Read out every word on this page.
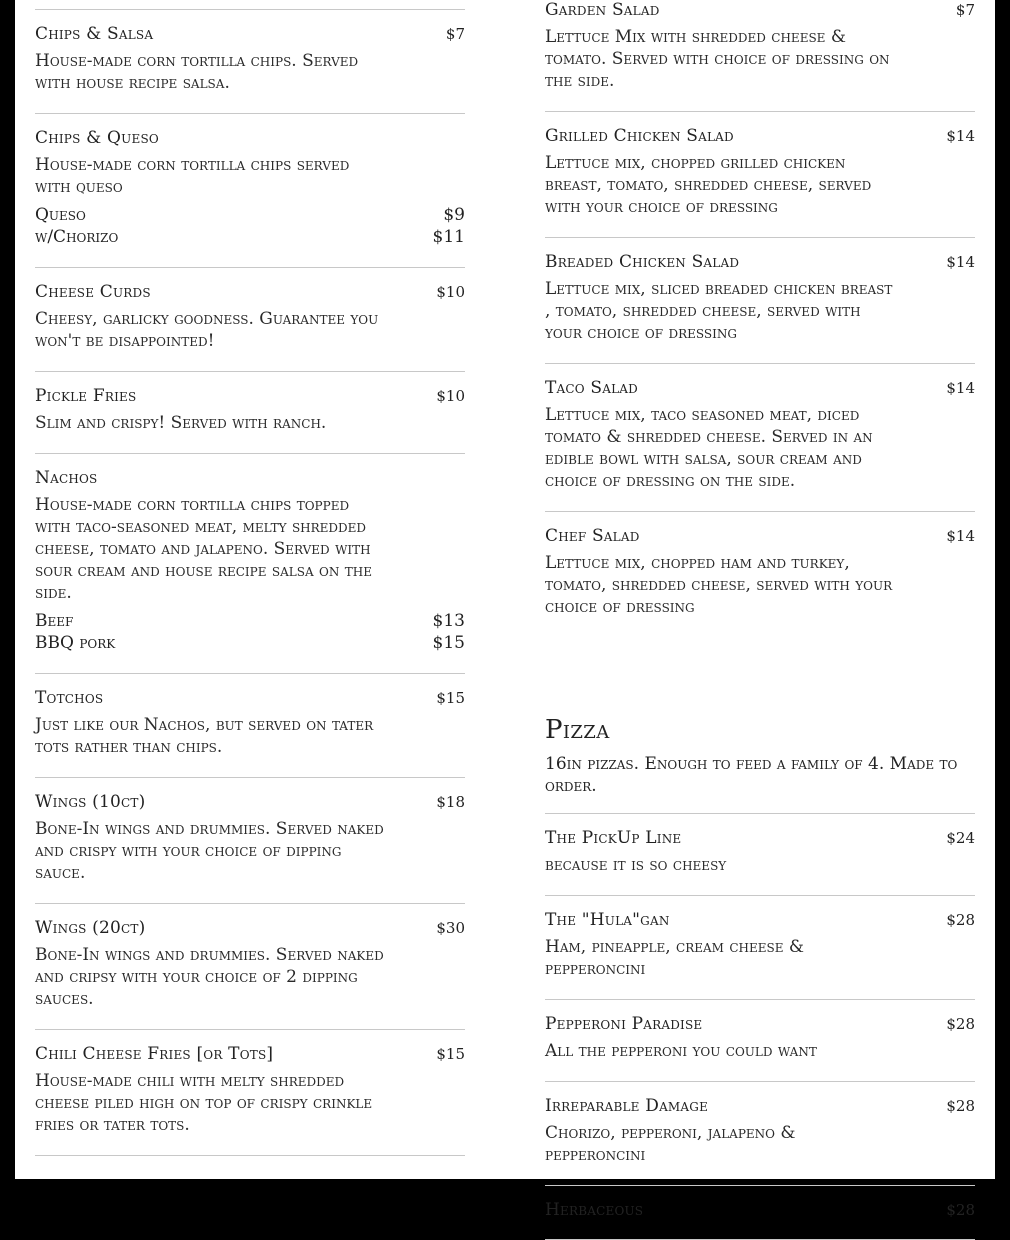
Chips & Salsa	$7
House-made corn tortilla chips. Served with house recipe salsa.
Chips & Queso
House-made corn tortilla chips served with queso
Queso	$9
w/Chorizo	$11
Cheese Curds	$10
Cheesy, garlicky goodness. Guarantee you won't be disappointed!
Pickle Fries	$10
Slim and crispy! Served with ranch.
Nachos
House-made corn tortilla chips topped with taco-seasoned meat, melty shredded cheese, tomato and jalapeno. Served with sour cream and house recipe salsa on the side.
Beef	$13
BBQ pork	$15
Totchos	$15
Just like our Nachos, but served on tater tots rather than chips.
Wings (10ct)	$18
Bone-In wings and drummies. Served naked and crispy with your choice of dipping sauce.
Wings (20ct)	$30
Bone-In wings and drummies. Served naked and cripsy with your choice of 2 dipping sauces.
Chili Cheese Fries [or Tots]	$15
House-made chili with melty shredded cheese piled high on top of crispy crinkle fries or tater tots.
Garden Salad	$7
Lettuce Mix with shredded cheese & tomato. Served with choice of dressing on the side.
Grilled Chicken Salad	$14
Lettuce mix, chopped grilled chicken breast, tomato, shredded cheese, served with your choice of dressing
Breaded Chicken Salad	$14
Lettuce mix, sliced breaded chicken breast , tomato, shredded cheese, served with your choice of dressing
Taco Salad	$14
Lettuce mix, taco seasoned meat, diced tomato & shredded cheese. Served in an edible bowl with salsa, sour cream and choice of dressing on the side.
Chef Salad	$14
Lettuce mix, chopped ham and turkey, tomato, shredded cheese, served with your choice of dressing
Pizza
16in pizzas. Enough to feed a family of 4. Made to order.
The PickUp Line	$24
because it is so cheesy
The "Hula"gan	$28
Ham, pineapple, cream cheese & pepperoncini
Pepperoni Paradise	$28
All the pepperoni you could want
Irreparable Damage	$28
Chorizo, pepperoni, jalapeno & pepperoncini
Herbaceous	$28
